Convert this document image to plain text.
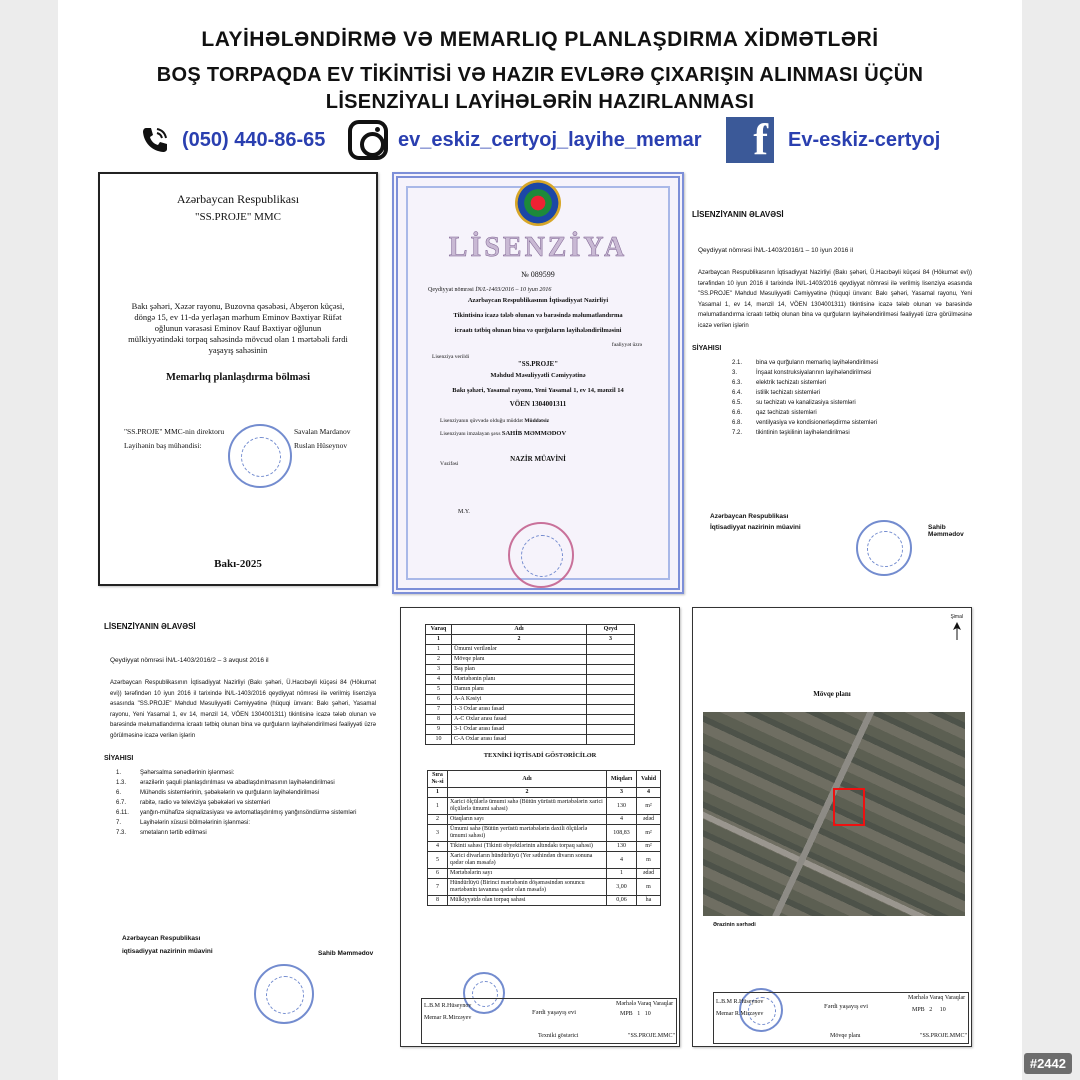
LAYİHƏLƏNDİRMƏ VƏ MEMARLIQ PLANLAŞDIRMA XİDMƏTLƏRİ
BOŞ TORPAQDA EV TİKİNTİSİ VƏ HAZIR EVLƏRƏ ÇIXARIŞIN ALINMASI ÜÇÜN
LİSENZİYALI LAYİHƏLƏRİN HAZIRLANMASI
(050) 440-86-65	ev_eskiz_certyoj_layihe_memar	f	Ev-eskiz-certyoj
Azərbaycan Respublikası
"SS.PROJE" MMC
Bakı şəhəri, Xəzər rayonu, Buzovna qəsəbəsi, Abşeron küçəsi, döngə 15, ev 11-də yerləşən mərhum Eminov Bəxtiyar Rüfət oğlunun vərəsəsi Eminov Rauf Bəxtiyar oğlunun mülkiyyətindəki torpaq sahəsində mövcud olan 1 mərtəbəli fərdi yaşayış sahəsinin
Memarlıq planlaşdırma bölməsi
"SS.PROJE" MMC-nin direktoru	Savalan Mardanov
Layihənin baş mühəndisi:	Ruslan Hüseynov
Bakı-2025
LİSENZİYA
№ 089599
Qeydiyyat nömrəsi İN/L-1403/2016 – 10 iyun 2016
Azərbaycan Respublikasının İqtisadiyyat Nazirliyi
Tikintisinə icazə tələb olunan və barəsində məlumatlandırma
icraatı tətbiq olunan bina və qurğuların layihələndirilməsini
fəaliyyət üzrə
Lisenziya verildi
"SS.PROJE"
Məhdud Məsuliyyətli Cəmiyyətinə
Bakı şəhəri, Yasamal rayonu, Yeni Yasamal 1, ev 14, mənzil 14
VÖEN 1304001311
Lisenziyanın qüvvədə olduğu müddət Müddətsiz
Lisenziyanı imzalayan şəxs SAHİB MƏMMƏDOV
NAZİR MÜAVİNİ
Vəzifəsi
M.Y.
LİSENZİYANIN ƏLAVƏSİ
Qeydiyyat nömrəsi İN/L-1403/2016/1 – 10 iyun 2016 il
Azərbaycan Respublikasının İqtisadiyyat Nazirliyi (Bakı şəhəri, Ü.Hacıbəyli küçəsi 84 (Hökumət evi)) tərəfindən 10 iyun 2016 il tarixində İN/L-1403/2016 qeydiyyat nömrəsi ilə verilmiş lisenziya əsasında "SS.PROJE" Məhdud Məsuliyyətli Cəmiyyətinə (hüquqi ünvanı: Bakı şəhəri, Yasamal rayonu, Yeni Yasamal 1, ev 14, mənzil 14, VÖEN 1304001311) tikintisinə icazə tələb olunan və barəsində məlumatlandırma icraatı tətbiq olunan bina və qurğuların layihələndirilməsi fəaliyyəti üzrə görülməsinə icazə verilən işlərin
SİYAHISI
2.1.	bina və qurğuların memarlıq layihələndirilməsi
3.	İnşaat konstruksiyalarının layihələndirilməsi
6.3.	elektrik təchizatı sistemləri
6.4.	istilik təchizatı sistemləri
6.5.	su təchizatı və kanalizasiya sistemləri
6.6.	qaz təchizatı sistemləri
6.8.	ventilyasiya və kondisionerləşdirmə sistemləri
7.2.	tikintinin təşkilinin layihələndirilməsi
Azərbaycan Respublikası
İqtisadiyyat nazirinin müavini	Sahib Məmmədov
LİSENZİYANIN ƏLAVƏSİ
Qeydiyyat nömrəsi İN/L-1403/2016/2 – 3 avqust 2016 il
Azərbaycan Respublikasının İqtisadiyyat Nazirliyi (Bakı şəhəri, Ü.Hacıbəyli küçəsi 84 (Hökumət evi)) tərəfindən 10 iyun 2016 il tarixində İN/L-1403/2016 qeydiyyat nömrəsi ilə verilmiş lisenziya əsasında "SS.PROJE" Məhdud Məsuliyyətli Cəmiyyətinə (hüquqi ünvanı: Bakı şəhəri, Yasamal rayonu, Yeni Yasamal 1, ev 14, mənzil 14, VÖEN 1304001311) tikintisinə icazə tələb olunan və barəsində məlumatlandırma icraatı tətbiq olunan bina və qurğuların layihələndirilməsi fəaliyyəti üzrə görülməsinə icazə verilən işlərin
SİYAHISI
1.	Şəhərsalma sənədlərinin işlənməsi:
1.3.	ərazilərin şaquli planlaşdırılması və abadlaşdırılmasının layihələndirilməsi
6.	Mühəndis sistemlərinin, şəbəkələrin və qurğuların layihələndirilməsi
6.7.	rabitə, radio və televiziya şəbəkələri və sistemləri
6.11.	yanğın-mühafizə siqnalizasiyası və avtomatlaşdırılmış yanğınsöndürmə sistemləri
7.	Layihələrin xüsusi bölmələrinin işlənməsi:
7.3.	smetaların tərtib edilməsi
Azərbaycan Respublikası
iqtisadiyyat nazirinin müavini	Sahib Məmmədov
Varaq	Adı	Qeyd
1	2	3
1	Ümumi verilənlər	
2	Mövqe planı	
3	Baş plan	
4	Mərtəbənin planı	
5	Damın planı	
6	A-A Kəsiyi	
7	1-3 Oxlar arası fasad	
8	A-C Oxlar arası fasad	
9	3-1 Oxlar arası fasad	
10	C-A Oxlar arası fasad	
TEXNİKİ İQTİSADİ GÖSTƏRİCİLƏR
Sıra №-si	Adı	Miqdarı	Vahid
1	2	3	4
1	Xarici ölçülərlə ümumi sahə (Bütün yürüstü mərtəbələrin xarici ölçülərlə ümumi sahəsi)	130	m²
2	Otaqların sayı	4	ədəd
3	Ümumi sahə (Bütün yerüstü mərtəbələrin daxili ölçülərlə ümumi sahəsi)	108,83	m²
4	Tikinti sahəsi (Tikinti obyektlərinin altındakı torpaq sahəsi)	130	m²
5	Xarici divarların hündürlüyü (Yer səthindən divarın sonuna qədər olan məsafə)	4	m
6	Mərtəbələrin sayı	1	ədəd
7	Hündürlüyü (Birinci mərtəbənin döşəməsindən sonuncu mərtəbənin tavanına qədər olan məsafə)	3,00	m
8	Mülkiyyətdə olan torpaq sahəsi	0,06	ha
L.B.M R.Hüseynov
Memar R.Mirzəyev
Fərdi yaşayış evi
Texniki göstərici
Mərhələ Varaq Varaqlar
MPB 1 10
"SS.PROJE.MMC"
Şimal
Mövqe planı
Ərazinin sərhədi
L.B.M R.Hüseynov
Memar R.Mirzəyev
Fərdi yaşayış evi
Mövqe planı
Mərhələ Varaq Varaqlar
MPB 2 10
"SS.PROJE.MMC"
#2442
